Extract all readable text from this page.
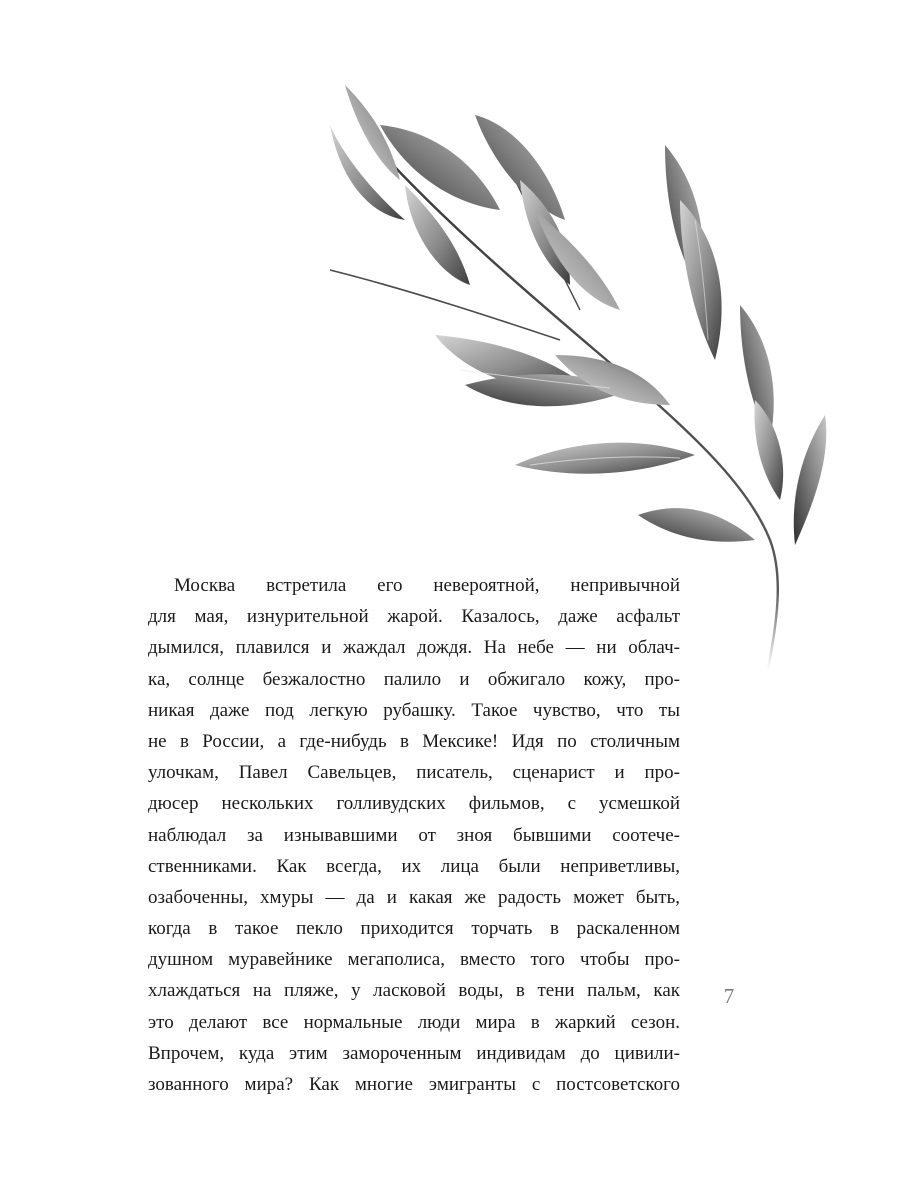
Москва встретила его невероятной, непривычной
для мая, изнурительной жарой. Казалось, даже асфальт
дымился, плавился и жаждал дождя. На небе — ни облач-
ка, солнце безжалостно палило и обжигало кожу, про-
никая даже под легкую рубашку. Такое чувство, что ты
не в России, а где-нибудь в Мексике! Идя по столичным
улочкам, Павел Савельцев, писатель, сценарист и про-
дюсер нескольких голливудских фильмов, с усмешкой
наблюдал за изнывавшими от зноя бывшими соотече-
ственниками. Как всегда, их лица были неприветливы,
озабоченны, хмуры — да и какая же радость может быть,
когда в такое пекло приходится торчать в раскаленном
душном муравейнике мегаполиса, вместо того чтобы про-
хлаждаться на пляже, у ласковой воды, в тени пальм, как
это делают все нормальные люди мира в жаркий сезон.
Впрочем, куда этим замороченным индивидам до цивили-
зованного мира? Как многие эмигранты с постсоветского
7
